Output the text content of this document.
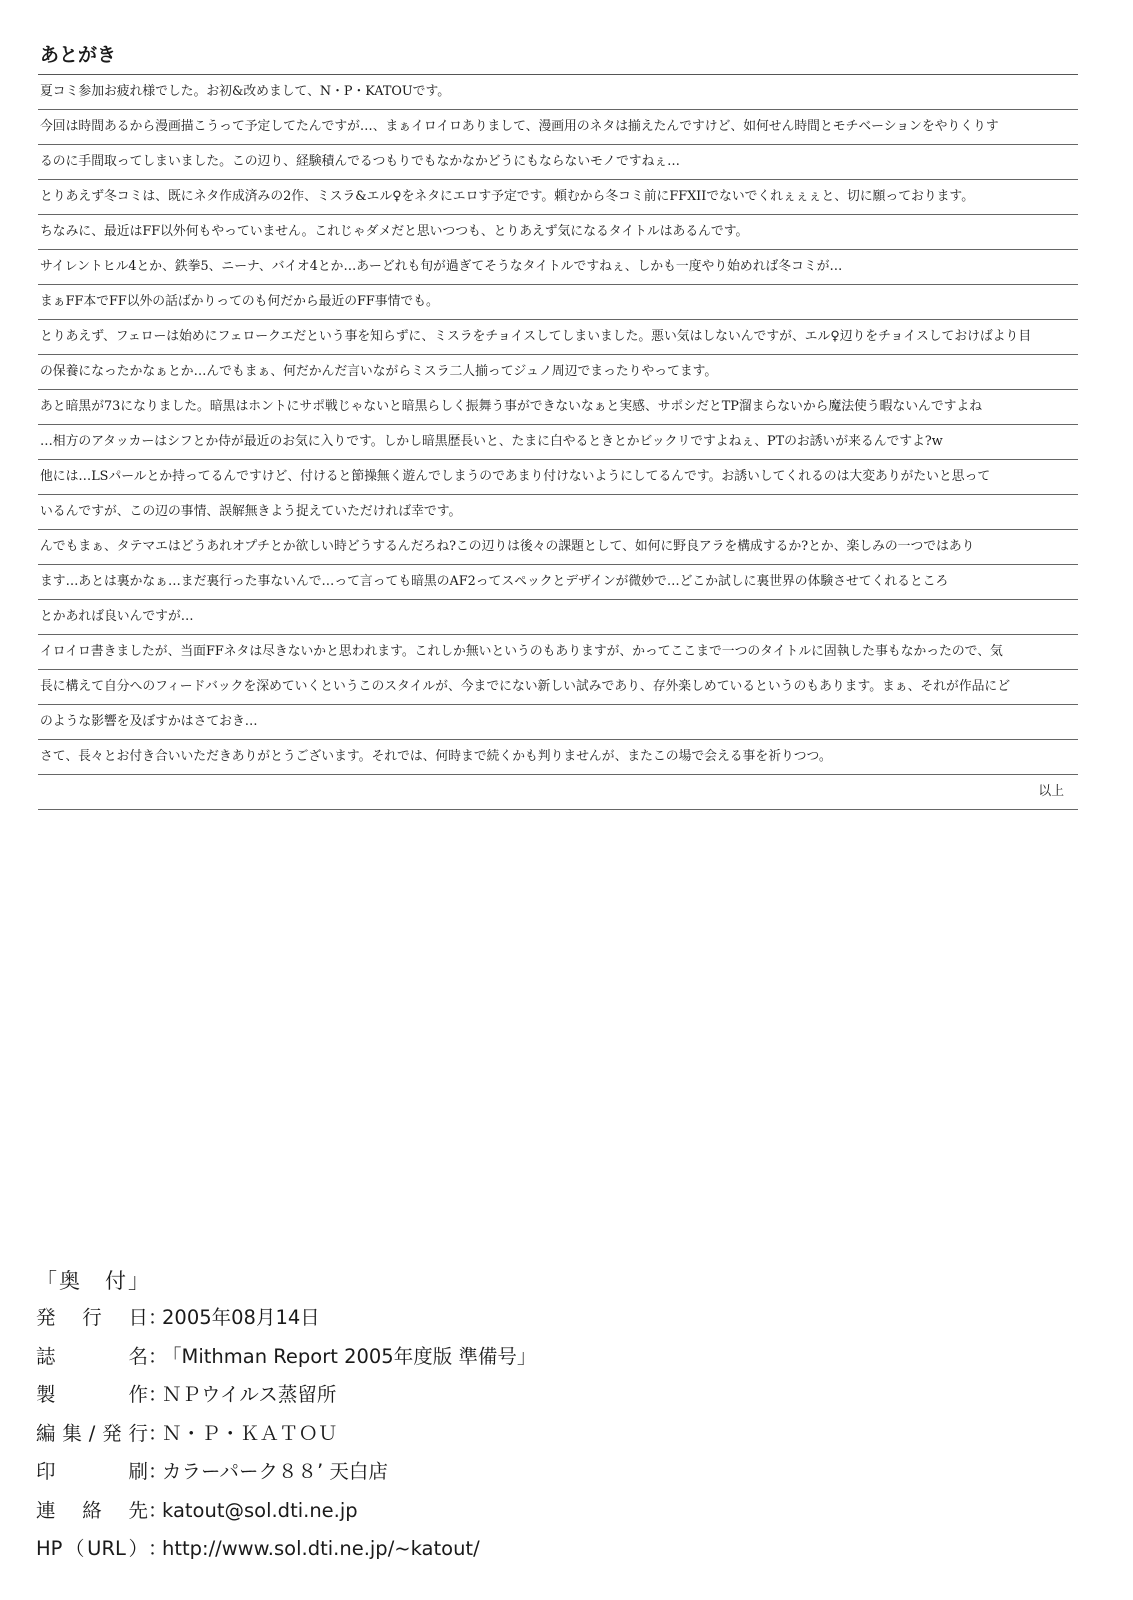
あとがき
夏コミ参加お疲れ様でした。お初&改めまして、N・P・KATOUです。
今回は時間あるから漫画描こうって予定してたんですが…、まぁイロイロありまして、漫画用のネタは揃えたんですけど、如何せん時間とモチベーションをやりくりす
るのに手間取ってしまいました。この辺り、経験積んでるつもりでもなかなかどうにもならないモノですねぇ…
とりあえず冬コミは、既にネタ作成済みの2作、ミスラ&エル♀をネタにエロす予定です。頼むから冬コミ前にFFXIIでないでくれぇぇぇと、切に願っております。
ちなみに、最近はFF以外何もやっていません。これじゃダメだと思いつつも、とりあえず気になるタイトルはあるんです。
サイレントヒル4とか、鉄拳5、ニーナ、バイオ4とか…あーどれも旬が過ぎてそうなタイトルですねぇ、しかも一度やり始めれば冬コミが…
まぁFF本でFF以外の話ばかりってのも何だから最近のFF事情でも。
とりあえず、フェローは始めにフェロークエだという事を知らずに、ミスラをチョイスしてしまいました。悪い気はしないんですが、エル♀辺りをチョイスしておけばより目
の保養になったかなぁとか…んでもまぁ、何だかんだ言いながらミスラ二人揃ってジュノ周辺でまったりやってます。
あと暗黒が73になりました。暗黒はホントにサポ戦じゃないと暗黒らしく振舞う事ができないなぁと実感、サポシだとTP溜まらないから魔法使う暇ないんですよね
…相方のアタッカーはシフとか侍が最近のお気に入りです。しかし暗黒歴長いと、たまに白やるときとかビックリですよねぇ、PTのお誘いが来るんですよ?w
他には…LSパールとか持ってるんですけど、付けると節操無く遊んでしまうのであまり付けないようにしてるんです。お誘いしてくれるのは大変ありがたいと思って
いるんですが、この辺の事情、誤解無きよう捉えていただければ幸です。
んでもまぁ、タテマエはどうあれオプチとか欲しい時どうするんだろね?この辺りは後々の課題として、如何に野良アラを構成するか?とか、楽しみの一つではあり
ます…あとは裏かなぁ…まだ裏行った事ないんで…って言っても暗黒のAF2ってスペックとデザインが微妙で…どこか試しに裏世界の体験させてくれるところ
とかあれば良いんですが…
イロイロ書きましたが、当面FFネタは尽きないかと思われます。これしか無いというのもありますが、かってここまで一つのタイトルに固執した事もなかったので、気
長に構えて自分へのフィードバックを深めていくというこのスタイルが、今までにない新しい試みであり、存外楽しめているというのもあります。まぁ、それが作品にど
のような影響を及ぼすかはさておき…
さて、長々とお付き合いいただきありがとうございます。それでは、何時まで続くかも判りませんが、またこの場で会える事を祈りつつ。
以上
「奥　付」
発行日 ：
2005年08月14日
誌名 ：
「Mithman Report 2005年度版 準備号」
製作 ：
ＮＰウイルス蒸留所
編集/発行 ：
Ｎ・Ｐ・ＫＡＴＯＵ
印刷 ：
カラーパーク８８’ 天白店
連絡先 ：
katout@sol.dti.ne.jp
HP（URL） ：
http://www.sol.dti.ne.jp/~katout/
